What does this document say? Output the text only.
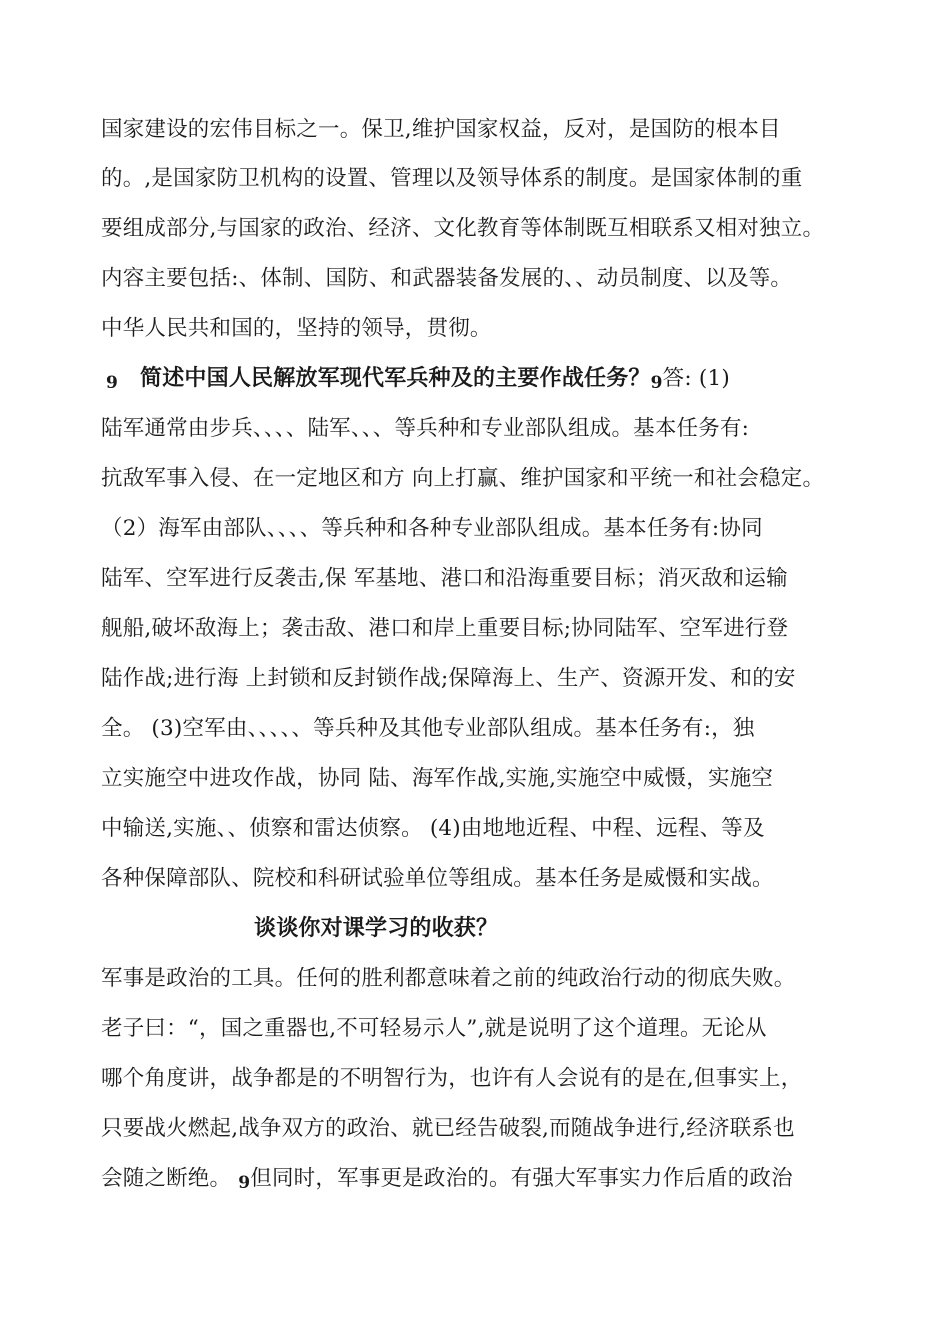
国家建设的宏伟目标之一。保卫,维护国家权益，反对，是国防的根本目
的。,是国家防卫机构的设置、管理以及领导体系的制度。是国家体制的重
要组成部分,与国家的政治、经济、文化教育等体制既互相联系又相对独立。
内容主要包括:、体制、国防、和武器装备发展的、、动员制度、以及等。
中华人民共和国的，坚持的领导，贯彻。
9 简述中国人民解放军现代军兵种及的主要作战任务？9答: (1)
陆军通常由步兵、、、、陆军、、、等兵种和专业部队组成。基本任务有:
抗敌军事入侵、在一定地区和方 向上打赢、维护国家和平统一和社会稳定。
（2）海军由部队、、、、等兵种和各种专业部队组成。基本任务有:协同
陆军、空军进行反袭击,保 军基地、港口和沿海重要目标；消灭敌和运输
舰船,破坏敌海上；袭击敌、港口和岸上重要目标;协同陆军、空军进行登
陆作战;进行海 上封锁和反封锁作战;保障海上、生产、资源开发、和的安
全。 (3)空军由、、、、、等兵种及其他专业部队组成。基本任务有:，独
立实施空中进攻作战，协同 陆、海军作战,实施,实施空中威慑，实施空
中输送,实施、、侦察和雷达侦察。 (4)由地地近程、中程、远程、等及
各种保障部队、院校和科研试验单位等组成。基本任务是威慑和实战。
谈谈你对课学习的收获？
军事是政治的工具。任何的胜利都意味着之前的纯政治行动的彻底失败。
老子曰：“，国之重器也,不可轻易示人”,就是说明了这个道理。无论从
哪个角度讲，战争都是的不明智行为，也许有人会说有的是在,但事实上，
只要战火燃起,战争双方的政治、就已经告破裂,而随战争进行,经济联系也
会随之断绝。 9但同时，军事更是政治的。有强大军事实力作后盾的政治
